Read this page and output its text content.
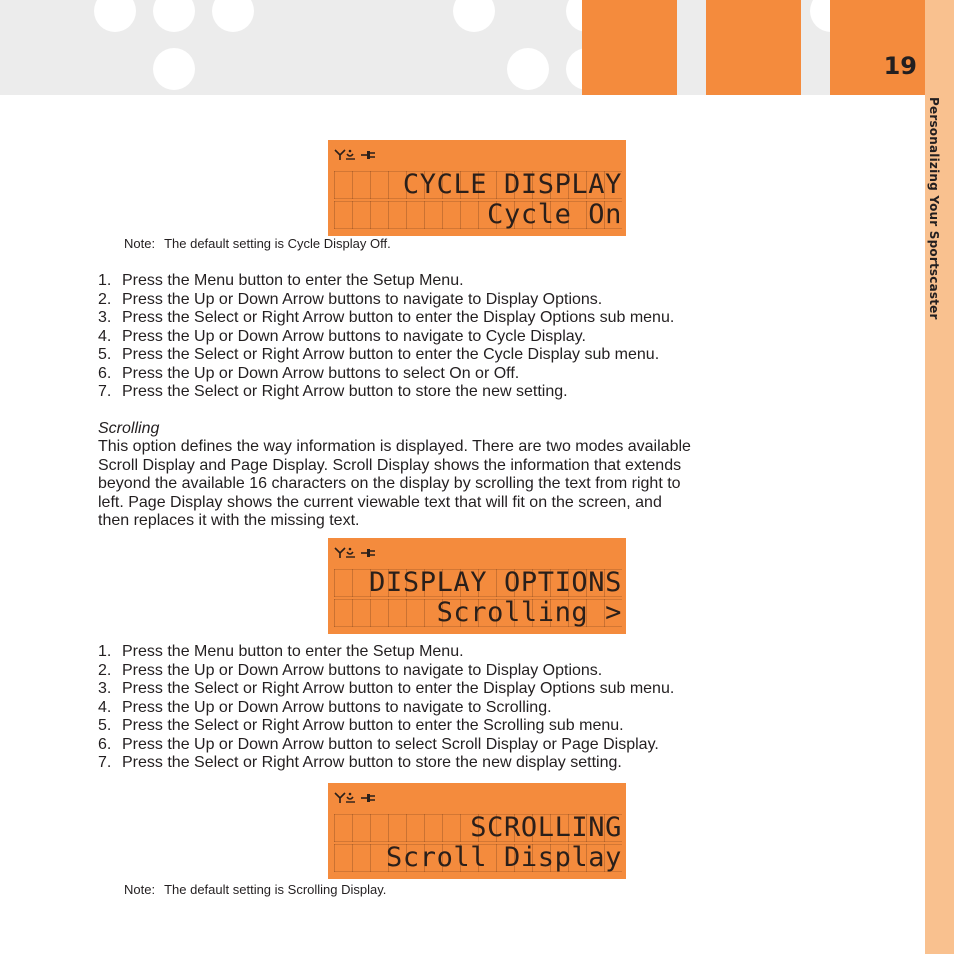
19
Personalizing Your Sportscaster
CYCLE DISPLAY
Cycle On
Note: The default setting is Cycle Display Off.
1. Press the Menu button to enter the Setup Menu.
2. Press the Up or Down Arrow buttons to navigate to Display Options.
3. Press the Select or Right Arrow button to enter the Display Options sub menu.
4. Press the Up or Down Arrow buttons to navigate to Cycle Display.
5. Press the Select or Right Arrow button to enter the Cycle Display sub menu.
6. Press the Up or Down Arrow buttons to select On or Off.
7. Press the Select or Right Arrow button to store the new setting.
Scrolling

This option defines the way information is displayed. There are two modes available
Scroll Display and Page Display. Scroll Display shows the information that extends
beyond the available 16 characters on the display by scrolling the text from right to
left. Page Display shows the current viewable text that will fit on the screen, and
then replaces it with the missing text.

DISPLAY OPTIONS
Scrolling >
1. Press the Menu button to enter the Setup Menu.
2. Press the Up or Down Arrow buttons to navigate to Display Options.
3. Press the Select or Right Arrow button to enter the Display Options sub menu.
4. Press the Up or Down Arrow buttons to navigate to Scrolling.
5. Press the Select or Right Arrow button to enter the Scrolling sub menu.
6. Press the Up or Down Arrow button to select Scroll Display or Page Display.
7. Press the Select or Right Arrow button to store the new display setting.
SCROLLING
Scroll Display
Note: The default setting is Scrolling Display.
